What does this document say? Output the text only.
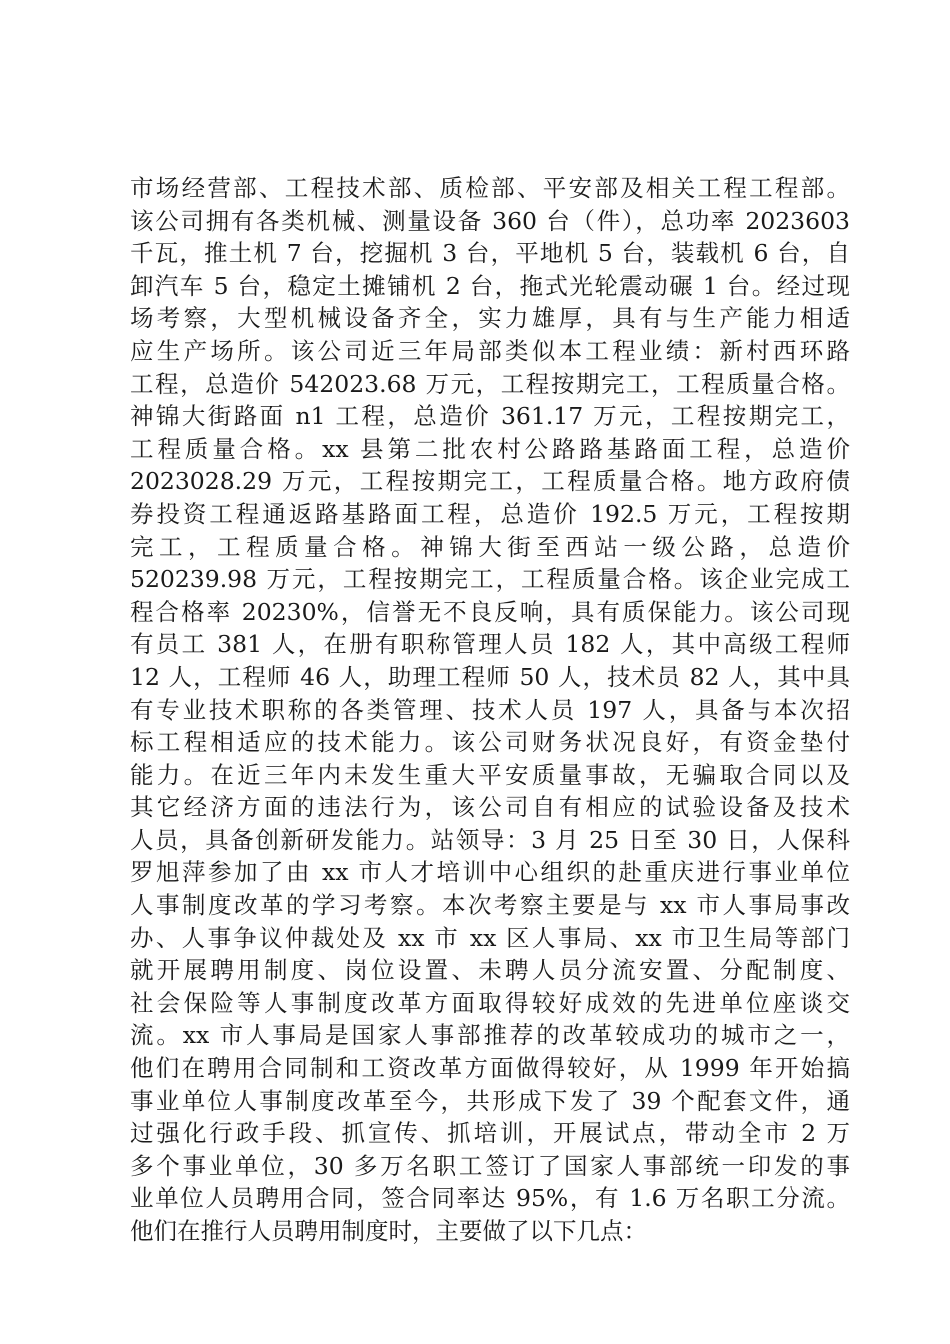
市场经营部、工程技术部、质检部、平安部及相关工程工程部。
该公司拥有各类机械、测量设备 360 台（件），总功率 2023603
千瓦，推土机 7 台，挖掘机 3 台，平地机 5 台，装载机 6 台，自
卸汽车 5 台，稳定土摊铺机 2 台，拖式光轮震动碾 1 台。经过现
场考察，大型机械设备齐全，实力雄厚，具有与生产能力相适
应生产场所。该公司近三年局部类似本工程业绩：新村西环路
工程，总造价 542023.68 万元，工程按期完工，工程质量合格。
神锦大街路面 n1 工程，总造价 361.17 万元，工程按期完工，
工程质量合格。xx 县第二批农村公路路基路面工程，总造价
2023028.29 万元，工程按期完工，工程质量合格。地方政府债
券投资工程通返路基路面工程，总造价 192.5 万元，工程按期
完工，工程质量合格。神锦大街至西站一级公路，总造价
520239.98 万元，工程按期完工，工程质量合格。该企业完成工
程合格率 20230%，信誉无不良反响，具有质保能力。该公司现
有员工 381 人，在册有职称管理人员 182 人，其中高级工程师
12 人，工程师 46 人，助理工程师 50 人，技术员 82 人，其中具
有专业技术职称的各类管理、技术人员 197 人，具备与本次招
标工程相适应的技术能力。该公司财务状况良好，有资金垫付
能力。在近三年内未发生重大平安质量事故，无骗取合同以及
其它经济方面的违法行为，该公司自有相应的试验设备及技术
人员，具备创新研发能力。站领导：3 月 25 日至 30 日，人保科
罗旭萍参加了由 xx 市人才培训中心组织的赴重庆进行事业单位
人事制度改革的学习考察。本次考察主要是与 xx 市人事局事改
办、人事争议仲裁处及 xx 市 xx 区人事局、xx 市卫生局等部门
就开展聘用制度、岗位设置、未聘人员分流安置、分配制度、
社会保险等人事制度改革方面取得较好成效的先进单位座谈交
流。xx 市人事局是国家人事部推荐的改革较成功的城市之一，
他们在聘用合同制和工资改革方面做得较好，从 1999 年开始搞
事业单位人事制度改革至今，共形成下发了 39 个配套文件，通
过强化行政手段、抓宣传、抓培训，开展试点，带动全市 2 万
多个事业单位，30 多万名职工签订了国家人事部统一印发的事
业单位人员聘用合同，签合同率达 95%，有 1.6 万名职工分流。
他们在推行人员聘用制度时，主要做了以下几点：
